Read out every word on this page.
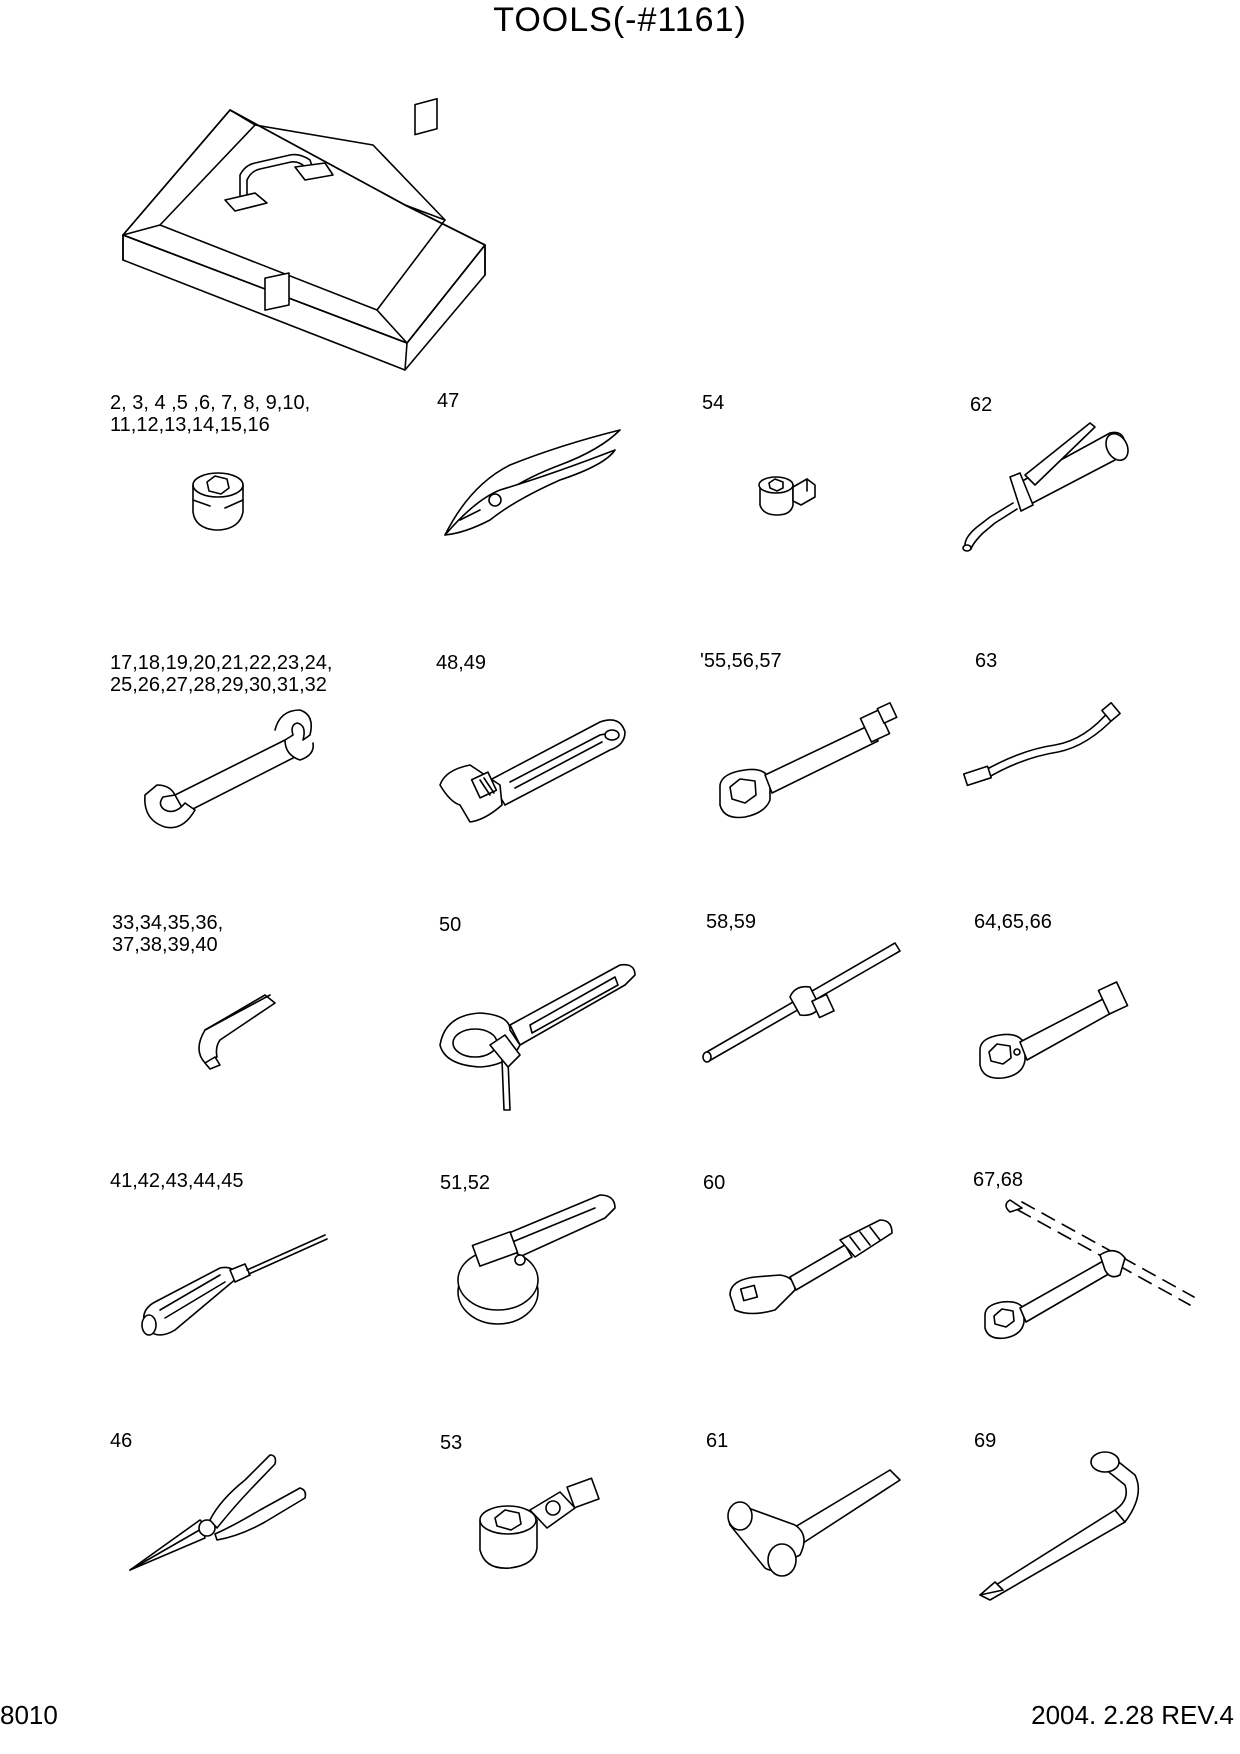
TOOLS(-#1161)
2, 3, 4 ,5 ,6, 7, 8, 9,10,
11,12,13,14,15,16
47	54	62
17,18,19,20,21,22,23,24,
25,26,27,28,29,30,31,32
48,49	'55,56,57	63
33,34,35,36,
37,38,39,40
50	58,59	64,65,66
41,42,43,44,45	51,52	60	67,68
46	53	61	69
8010	2004. 2.28 REV.4
